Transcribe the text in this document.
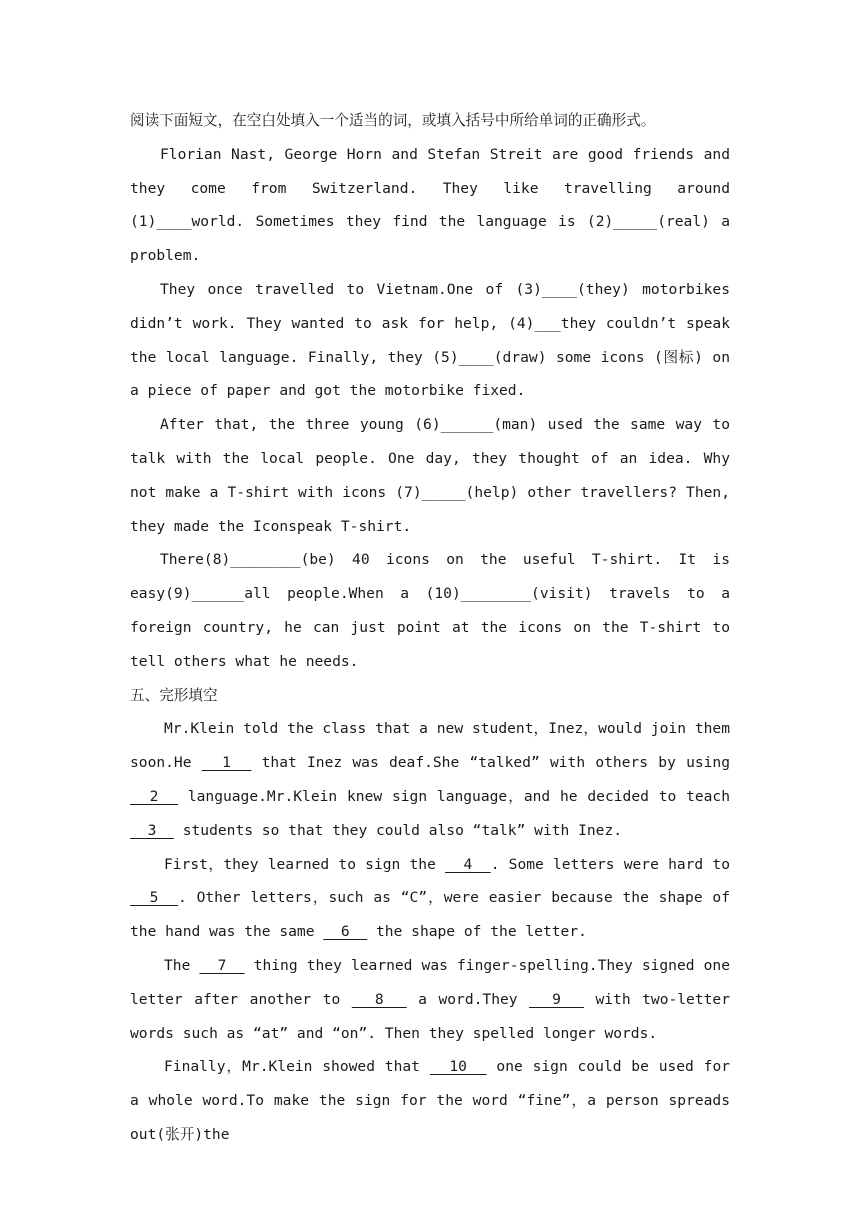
阅读下面短文，在空白处填入一个适当的词，或填入括号中所给单词的正确形式。

Florian Nast, George Horn and Stefan Streit are good friends and they come from Switzerland. They like travelling around (1)____world. Sometimes they find the language is (2)_____(real) a problem.

They once travelled to Vietnam.One of (3)____(they) motorbikes didn’t work. They wanted to ask for help, (4)___they couldn’t speak the local language. Finally, they (5)____(draw) some icons (图标) on a piece of paper and got the motorbike fixed.

After that, the three young (6)______(man) used the same way to talk with the local people. One day, they thought of an idea. Why not make a T-shirt with icons (7)_____(help) other travellers? Then, they made the Iconspeak T-shirt.

There(8)________(be) 40 icons on the useful T-shirt. It is easy(9)______all people.When a (10)________(visit) travels to a foreign country, he can just point at the icons on the T-shirt to tell others what he needs.

五、完形填空

Mr.Klein told the class that a new student，Inez，would join them soon.He   1   that Inez was deaf.She “talked” with others by using   2   language.Mr.Klein knew sign language，and he decided to teach   3   students so that they could also “talk” with Inez.

First，they learned to sign the   4  . Some letters were hard to   5  . Other letters，such as “C”，were easier because the shape of the hand was the same   6   the shape of the letter.

The   7   thing they learned was finger-spelling.They signed one letter after another to   8   a word.They   9   with two-letter words such as “at” and “on”. Then they spelled longer words.

Finally，Mr.Klein showed that   10   one sign could be used for a whole word.To make the sign for the word “fine”，a person spreads out(张开)the
